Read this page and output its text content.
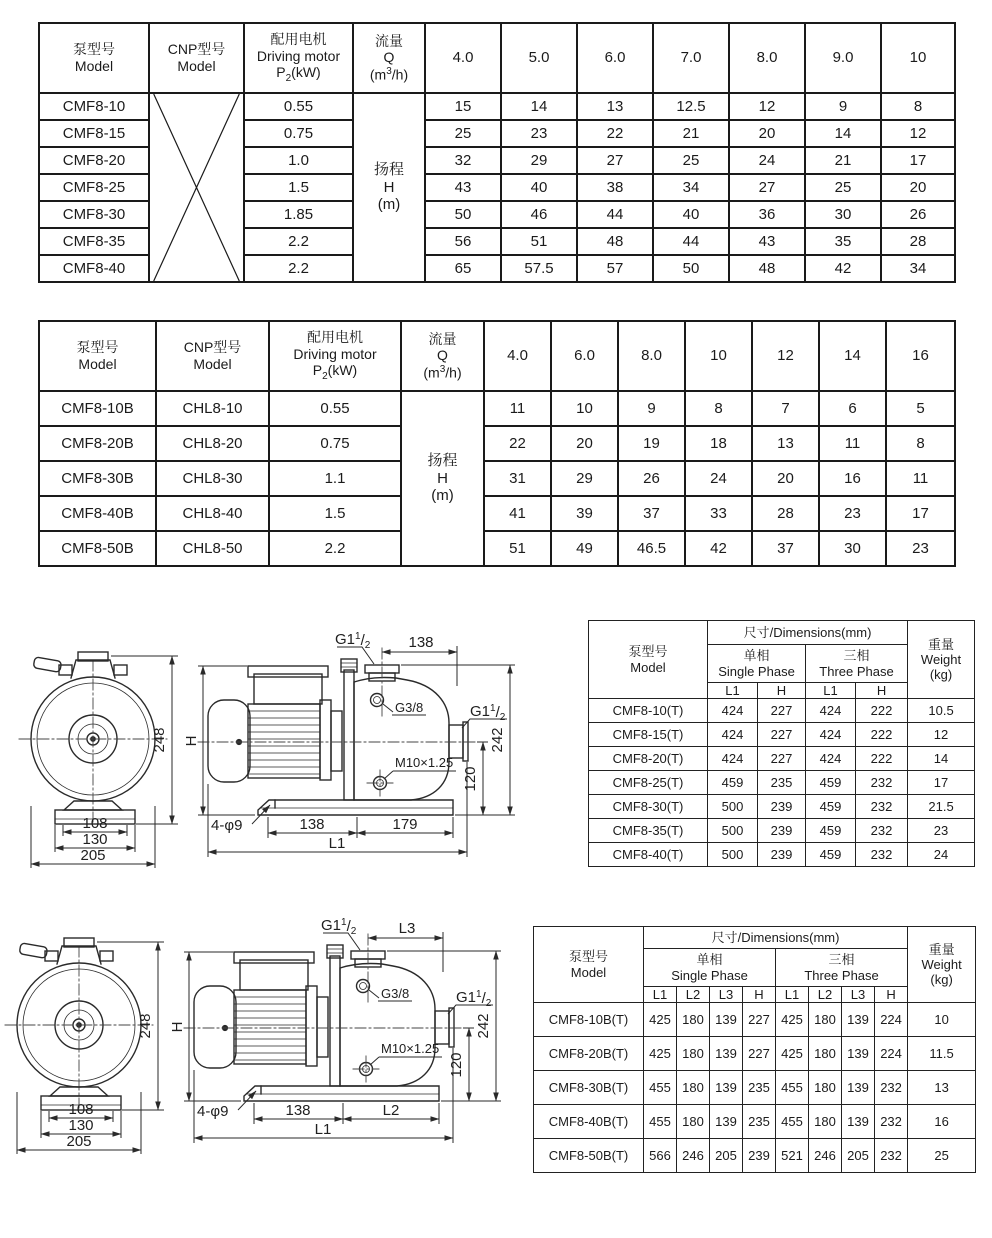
泵型号
Model

CNP型号
Model

配用电机
Driving motor
$P_2(kW)$

流量
Q
$(m^3/h)$
	4.0	5.0	6.0	7.0	8.0	9.0	10
CMF8-10		0.55	扬程
H
(m)	15	14	13	12.5	12	9	8
CMF8-15		0.75		25	23	22	21	20	14	12
CMF8-20		1.0		32	29	27	25	24	21	17
CMF8-25		1.5		43	40	38	34	27	25	20
CMF8-30		1.85		50	46	44	40	36	30	26
CMF8-35		2.2		56	51	48	44	43	35	28
CMF8-40		2.2		65	57.5	57	50	48	42	34
泵型号
Model

CNP型号
Model

配用电机
Driving motor
$P_2(kW)$

流量
Q
$(m^3/h)$
	4.0	6.0	8.0	10	12	14	16
CMF8-10B	CHL8-10	0.55	扬程
H
(m)	11	10	9	8	7	6	5
CMF8-20B	CHL8-20	0.75		22	20	19	18	13	11	8
CMF8-30B	CHL8-30	1.1		31	29	26	24	20	16	11
CMF8-40B	CHL8-40	1.5		41	39	37	33	28	23	17
CMF8-50B	CHL8-50	2.2		51	49	46.5	42	37	30	23
108
130
205
248
$G1^1/_2$	138
G3/8	$G1^1/_2$
242
M10×1.25
120
4-φ9	138	179
L1
H
泵型号
Model
	尺寸/Dimensions(mm)	
重量
Weight
(kg)

单相
Single Phase

三相
Three Phase

	L1	H	L1	H	
CMF8-10(T)	424	227	424	222	10.5
CMF8-15(T)	424	227	424	222	12
CMF8-20(T)	424	227	424	222	14
CMF8-25(T)	459	235	459	232	17
CMF8-30(T)	500	239	459	232	21.5
CMF8-35(T)	500	239	459	232	23
CMF8-40(T)	500	239	459	232	24
108
130
205
248
$G1^1/_2$	L3
G3/8	$G1^1/_2$
242
M10×1.25
120
4-φ9	138	L2
L1
H
泵型号
Model
	尺寸/Dimensions(mm)	
重量
Weight
(kg)

单相
Single Phase

三相
Three Phase

	L1	L2	L3	H	L1	L2	L3	H	
CMF8-10B(T)	425	180	139	227	425	180	139	224	10
CMF8-20B(T)	425	180	139	227	425	180	139	224	11.5
CMF8-30B(T)	455	180	139	235	455	180	139	232	13
CMF8-40B(T)	455	180	139	235	455	180	139	232	16
CMF8-50B(T)	566	246	205	239	521	246	205	232	25
